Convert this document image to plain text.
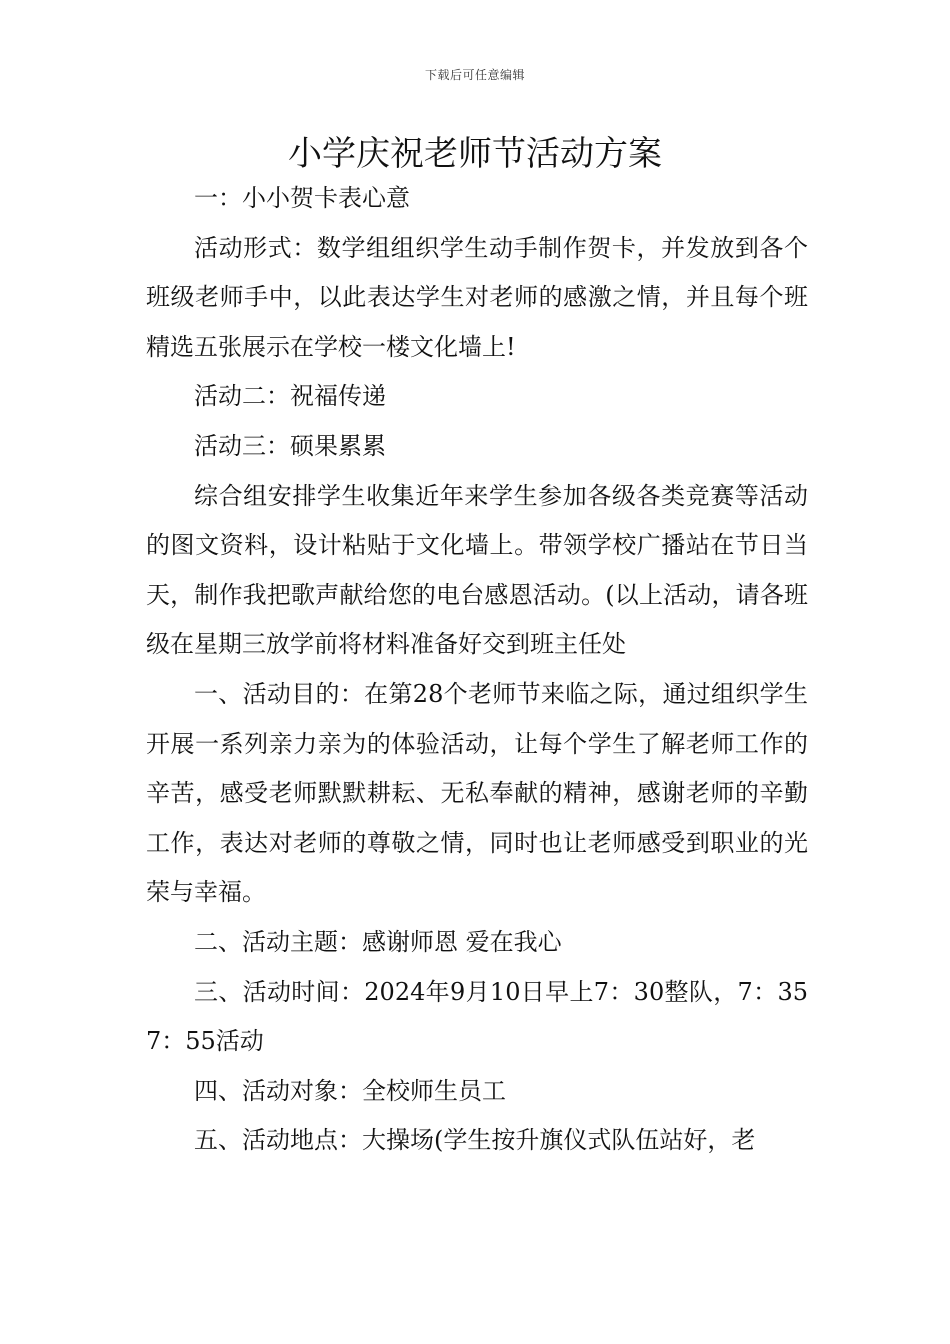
下载后可任意编辑
小学庆祝老师节活动方案

一：小小贺卡表心意

活动形式：数学组组织学生动手制作贺卡，并发放到各个班级老师手中，以此表达学生对老师的感激之情，并且每个班精选五张展示在学校一楼文化墙上!

活动二：祝福传递

活动三：硕果累累

综合组安排学生收集近年来学生参加各级各类竞赛等活动的图文资料，设计粘贴于文化墙上。带领学校广播站在节日当天，制作我把歌声献给您的电台感恩活动。(以上活动，请各班级在星期三放学前将材料准备好交到班主任处

一、活动目的：在第28个老师节来临之际，通过组织学生开展一系列亲力亲为的体验活动，让每个学生了解老师工作的辛苦，感受老师默默耕耘、无私奉献的精神，感谢老师的辛勤工作，表达对老师的尊敬之情，同时也让老师感受到职业的光荣与幸福。

二、活动主题：感谢师恩 爱在我心

三、活动时间：2024年9月10日早上7：30整队，7：357：55活动

四、活动对象：全校师生员工

五、活动地点：大操场(学生按升旗仪式队伍站好，老
